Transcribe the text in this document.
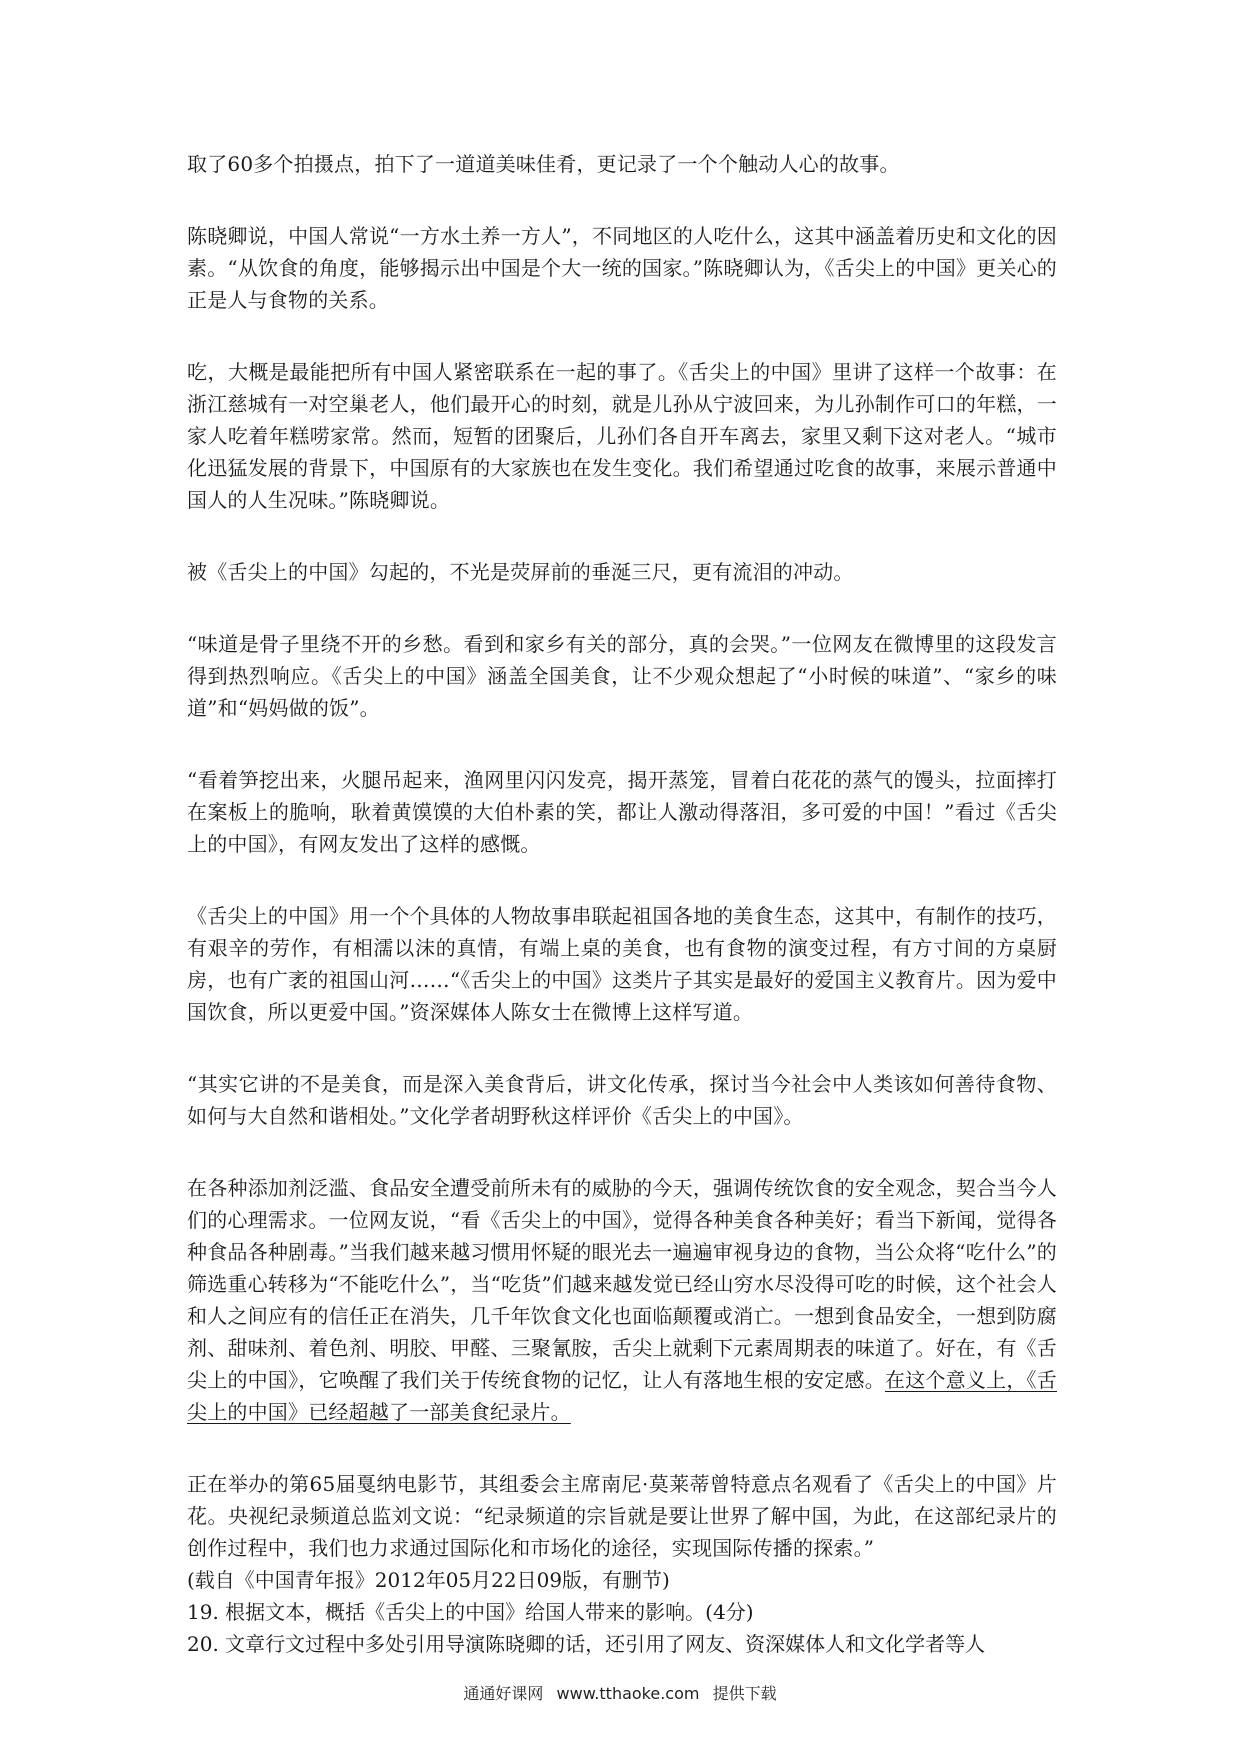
取了60多个拍摄点，拍下了一道道美味佳肴，更记录了一个个触动人心的故事。

陈晓卿说，中国人常说“一方水土养一方人”，不同地区的人吃什么，这其中涵盖着历史和文化的因素。“从饮食的角度，能够揭示出中国是个大一统的国家。”陈晓卿认为，《舌尖上的中国》更关心的正是人与食物的关系。

吃，大概是最能把所有中国人紧密联系在一起的事了。《舌尖上的中国》里讲了这样一个故事：在浙江慈城有一对空巢老人，他们最开心的时刻，就是儿孙从宁波回来，为儿孙制作可口的年糕，一家人吃着年糕唠家常。然而，短暂的团聚后，儿孙们各自开车离去，家里又剩下这对老人。“城市化迅猛发展的背景下，中国原有的大家族也在发生变化。我们希望通过吃食的故事，来展示普通中国人的人生况味。”陈晓卿说。

被《舌尖上的中国》勾起的，不光是荧屏前的垂涎三尺，更有流泪的冲动。

“味道是骨子里绕不开的乡愁。看到和家乡有关的部分，真的会哭。”一位网友在微博里的这段发言得到热烈响应。《舌尖上的中国》涵盖全国美食，让不少观众想起了“小时候的味道”、“家乡的味道”和“妈妈做的饭”。

“看着笋挖出来，火腿吊起来，渔网里闪闪发亮，揭开蒸笼，冒着白花花的蒸气的馒头，拉面摔打在案板上的脆响，耿着黄馍馍的大伯朴素的笑，都让人激动得落泪，多可爱的中国！”看过《舌尖上的中国》，有网友发出了这样的感慨。

《舌尖上的中国》用一个个具体的人物故事串联起祖国各地的美食生态，这其中，有制作的技巧，有艰辛的劳作，有相濡以沫的真情，有端上桌的美食，也有食物的演变过程，有方寸间的方桌厨房，也有广袤的祖国山河……“《舌尖上的中国》这类片子其实是最好的爱国主义教育片。因为爱中国饮食，所以更爱中国。”资深媒体人陈女士在微博上这样写道。

“其实它讲的不是美食，而是深入美食背后，讲文化传承，探讨当今社会中人类该如何善待食物、如何与大自然和谐相处。”文化学者胡野秋这样评价《舌尖上的中国》。

在各种添加剂泛滥、食品安全遭受前所未有的威胁的今天，强调传统饮食的安全观念，契合当今人们的心理需求。一位网友说，“看《舌尖上的中国》，觉得各种美食各种美好；看当下新闻，觉得各种食品各种剧毒。”当我们越来越习惯用怀疑的眼光去一遍遍审视身边的食物，当公众将“吃什么”的筛选重心转移为“不能吃什么”，当“吃货”们越来越发觉已经山穷水尽没得可吃的时候，这个社会人和人之间应有的信任正在消失，几千年饮食文化也面临颠覆或消亡。一想到食品安全，一想到防腐剂、甜味剂、着色剂、明胶、甲醛、三聚氰胺，舌尖上就剩下元素周期表的味道了。好在，有《舌尖上的中国》，它唤醒了我们关于传统食物的记忆，让人有落地生根的安定感。在这个意义上，《舌尖上的中国》已经超越了一部美食纪录片。

正在举办的第65届戛纳电影节，其组委会主席南尼·莫莱蒂曾特意点名观看了《舌尖上的中国》片花。央视纪录频道总监刘文说：“纪录频道的宗旨就是要让世界了解中国，为此，在这部纪录片的创作过程中，我们也力求通过国际化和市场化的途径，实现国际传播的探索。”

(载自《中国青年报》2012年05月22日09版，有删节)

19. 根据文本，概括《舌尖上的中国》给国人带来的影响。(4分)

20. 文章行文过程中多处引用导演陈晓卿的话，还引用了网友、资深媒体人和文化学者等人

通通好课网 www.tthaoke.com 提供下载
